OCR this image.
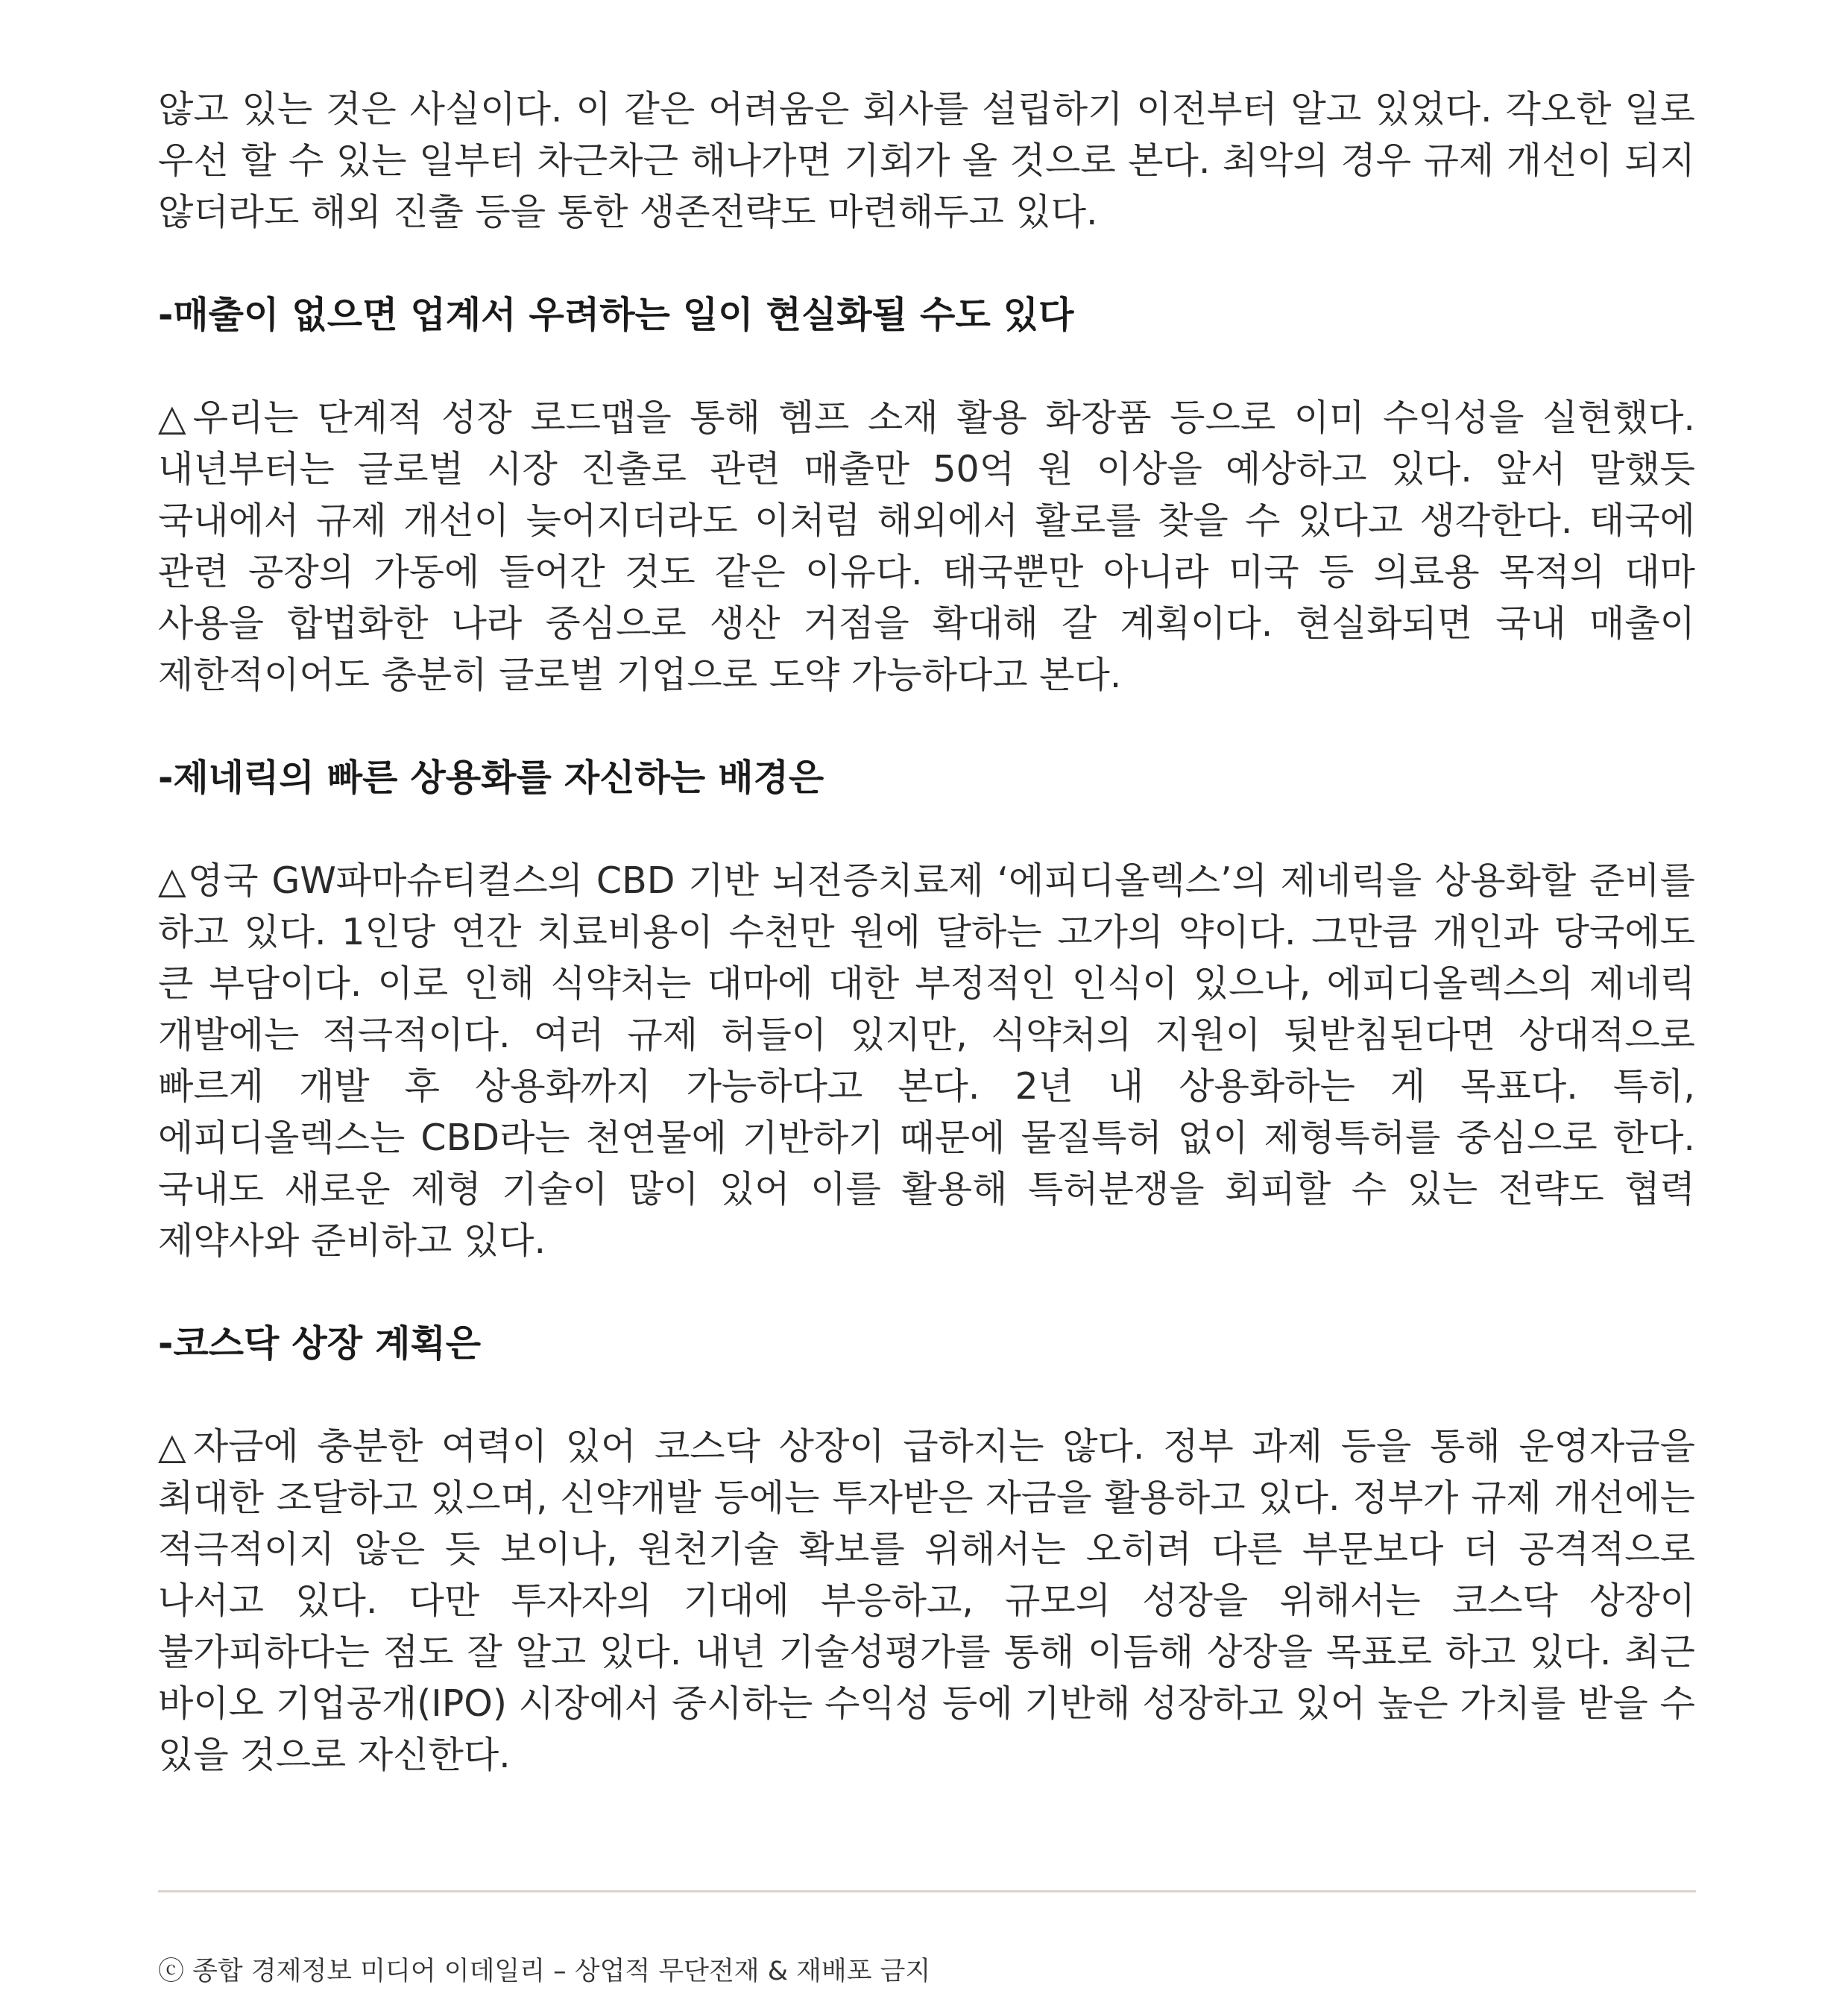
않고 있는 것은 사실이다. 이 같은 어려움은 회사를 설립하기 이전부터 알고 있었다. 각오한 일로 우선 할 수 있는 일부터 차근차근 해나가면 기회가 올 것으로 본다. 최악의 경우 규제 개선이 되지 않더라도 해외 진출 등을 통한 생존전략도 마련해두고 있다.

-매출이 없으면 업계서 우려하는 일이 현실화될 수도 있다

△우리는 단계적 성장 로드맵을 통해 헴프 소재 활용 화장품 등으로 이미 수익성을 실현했다. 내년부터는 글로벌 시장 진출로 관련 매출만 50억 원 이상을 예상하고 있다. 앞서 말했듯 국내에서 규제 개선이 늦어지더라도 이처럼 해외에서 활로를 찾을 수 있다고 생각한다. 태국에 관련 공장의 가동에 들어간 것도 같은 이유다. 태국뿐만 아니라 미국 등 의료용 목적의 대마 사용을 합법화한 나라 중심으로 생산 거점을 확대해 갈 계획이다. 현실화되면 국내 매출이 제한적이어도 충분히 글로벌 기업으로 도약 가능하다고 본다.

-제네릭의 빠른 상용화를 자신하는 배경은

△영국 GW파마슈티컬스의 CBD 기반 뇌전증치료제 ‘에피디올렉스’의 제네릭을 상용화할 준비를 하고 있다. 1인당 연간 치료비용이 수천만 원에 달하는 고가의 약이다. 그만큼 개인과 당국에도 큰 부담이다. 이로 인해 식약처는 대마에 대한 부정적인 인식이 있으나, 에피디올렉스의 제네릭 개발에는 적극적이다. 여러 규제 허들이 있지만, 식약처의 지원이 뒷받침된다면 상대적으로 빠르게 개발 후 상용화까지 가능하다고 본다. 2년 내 상용화하는 게 목표다. 특히, 에피디올렉스는 CBD라는 천연물에 기반하기 때문에 물질특허 없이 제형특허를 중심으로 한다. 국내도 새로운 제형 기술이 많이 있어 이를 활용해 특허분쟁을 회피할 수 있는 전략도 협력 제약사와 준비하고 있다.

-코스닥 상장 계획은

△자금에 충분한 여력이 있어 코스닥 상장이 급하지는 않다. 정부 과제 등을 통해 운영자금을 최대한 조달하고 있으며, 신약개발 등에는 투자받은 자금을 활용하고 있다. 정부가 규제 개선에는 적극적이지 않은 듯 보이나, 원천기술 확보를 위해서는 오히려 다른 부문보다 더 공격적으로 나서고 있다. 다만 투자자의 기대에 부응하고, 규모의 성장을 위해서는 코스닥 상장이 불가피하다는 점도 잘 알고 있다. 내년 기술성평가를 통해 이듬해 상장을 목표로 하고 있다. 최근 바이오 기업공개(IPO) 시장에서 중시하는 수익성 등에 기반해 성장하고 있어 높은 가치를 받을 수 있을 것으로 자신한다.

ⓒ 종합 경제정보 미디어 이데일리 – 상업적 무단전재 & 재배포 금지
